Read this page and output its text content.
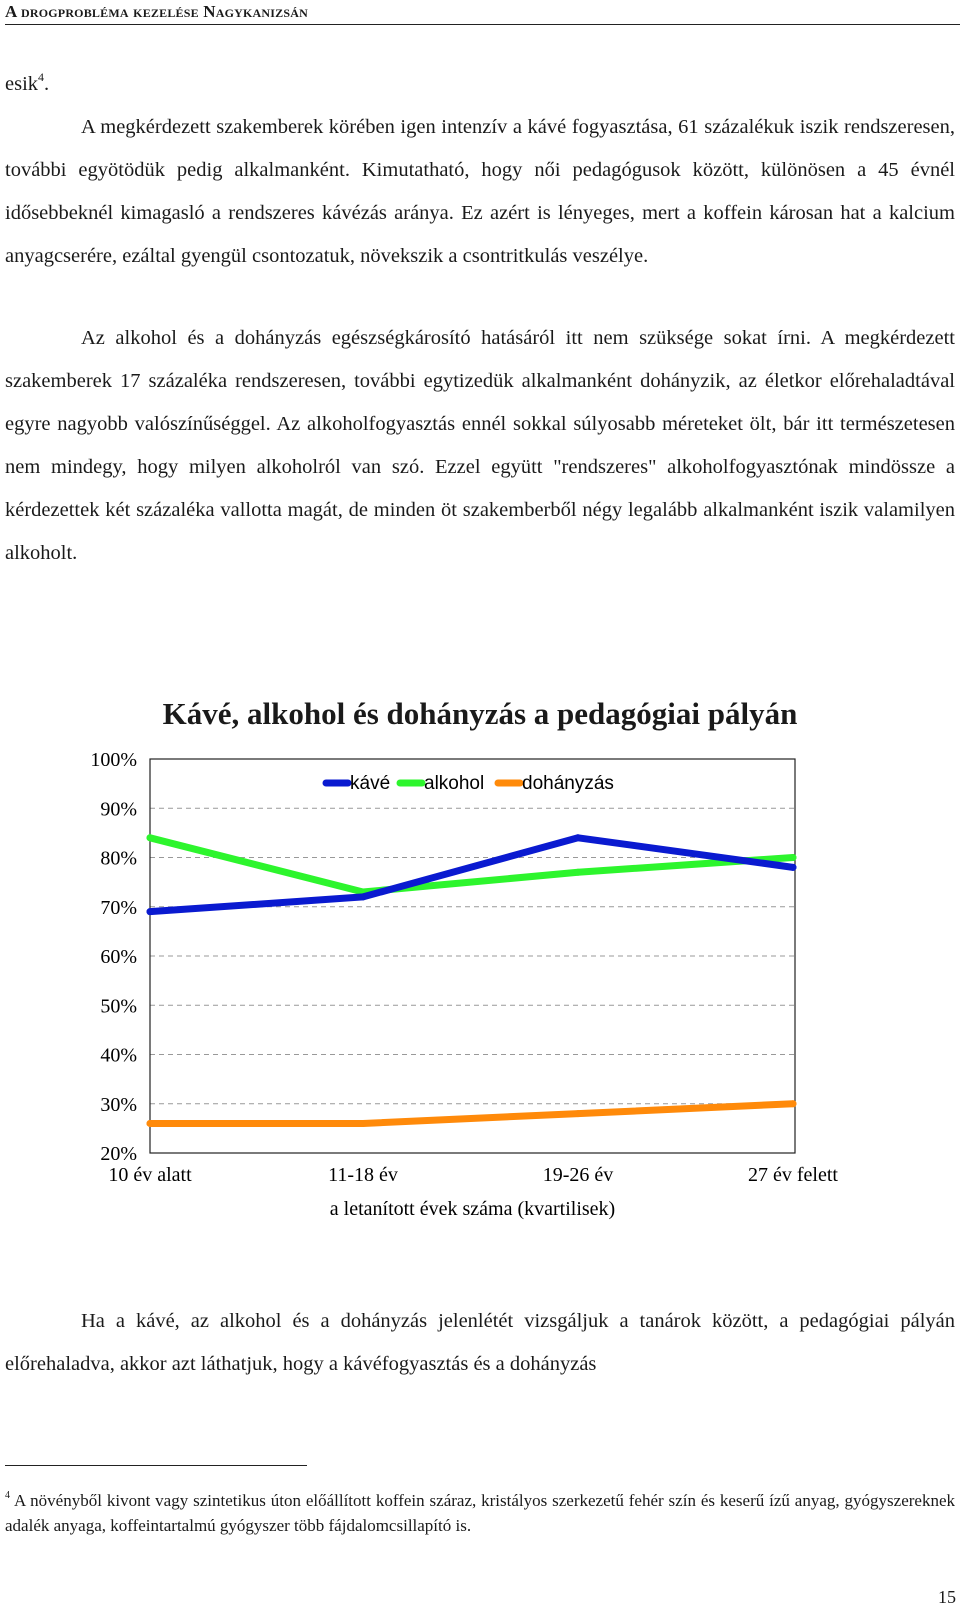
A drogprobléma kezelése Nagykanizsán

esik$^4$.

A megkérdezett szakemberek körében igen intenzív a kávé fogyasztása, 61 százalékuk iszik rendszeresen, további egyötödük pedig alkalmanként. Kimutatható, hogy női pedagógusok között, különösen a 45 évnél idősebbeknél kimagasló a rendszeres kávézás aránya. Ez azért is lényeges, mert a koffein károsan hat a kalcium anyagcserére, ezáltal gyengül csontozatuk, növekszik a csontritkulás veszélye.

Az alkohol és a dohányzás egészségkárosító hatásáról itt nem szüksége sokat írni. A megkérdezett szakemberek 17 százaléka rendszeresen, további egytizedük alkalmanként dohányzik, az életkor előrehaladtával egyre nagyobb valószínűséggel. Az alkoholfogyasztás ennél sokkal súlyosabb méreteket ölt, bár itt természetesen nem mindegy, hogy milyen alkoholról van szó. Ezzel együtt "rendszeres" alkoholfogyasztónak mindössze a kérdezettek két százaléka vallotta magát, de minden öt szakemberből négy legalább alkalmanként iszik valamilyen alkoholt.

Kávé, alkohol és dohányzás a pedagógiai pályán
20%
30%
40%
50%
60%
70%
80%
90%
100%
10 év alatt	11-18 év	19-26 év	27 év felett
kávé alkohol dohányzás
a letanított évek száma (kvartilisek)

Ha a kávé, az alkohol és a dohányzás jelenlétét vizsgáljuk a tanárok között, a pedagógiai pályán előrehaladva, akkor azt láthatjuk, hogy a kávéfogyasztás és a dohányzás

$^4$ A növényből kivont vagy szintetikus úton előállított koffein száraz, kristályos szerkezetű fehér szín és keserű ízű anyag, gyógyszereknek adalék anyaga, koffeintartalmú gyógyszer több fájdalomcsillapító is.

15
